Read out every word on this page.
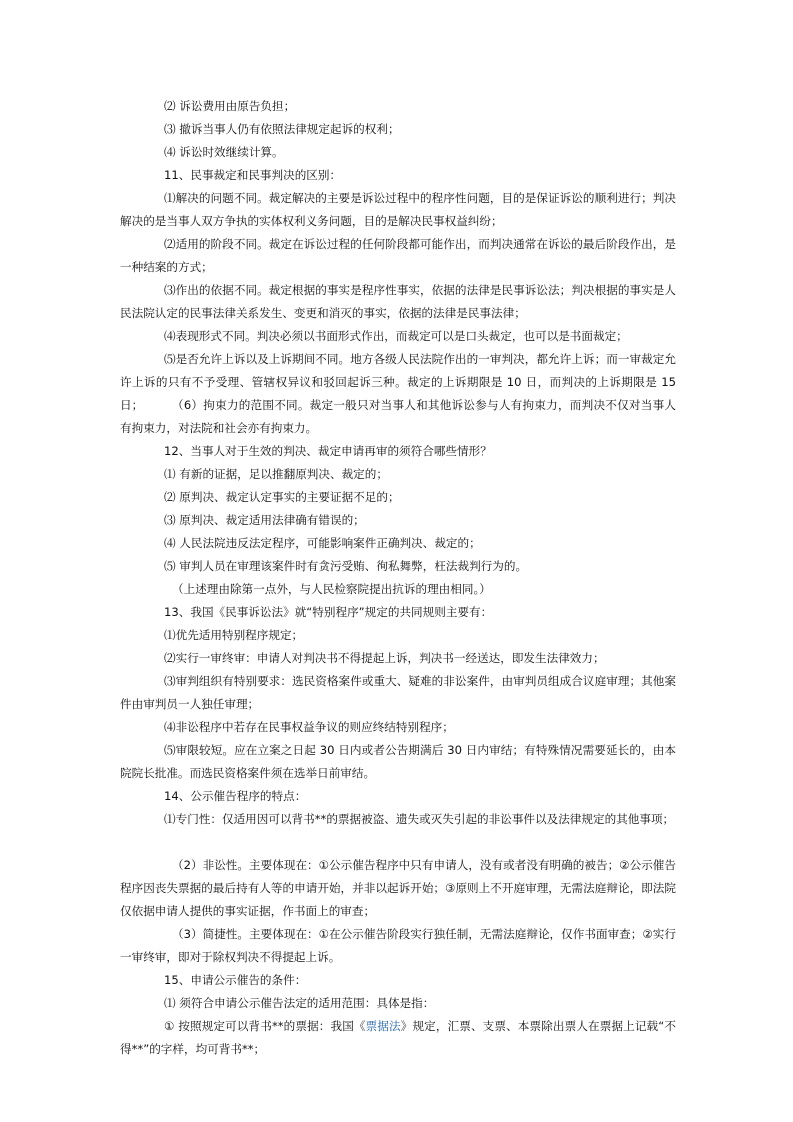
⑵ 诉讼费用由原告负担；

⑶ 撤诉当事人仍有依照法律规定起诉的权利；

⑷ 诉讼时效继续计算。

11、民事裁定和民事判决的区别：

⑴解决的问题不同。裁定解决的主要是诉讼过程中的程序性问题，目的是保证诉讼的顺利进行；判决解决的是当事人双方争执的实体权利义务问题，目的是解决民事权益纠纷；

⑵适用的阶段不同。裁定在诉讼过程的任何阶段都可能作出，而判决通常在诉讼的最后阶段作出，是一种结案的方式；

⑶作出的依据不同。裁定根据的事实是程序性事实，依据的法律是民事诉讼法；判决根据的事实是人民法院认定的民事法律关系发生、变更和消灭的事实，依据的法律是民事法律；

⑷表现形式不同。判决必须以书面形式作出，而裁定可以是口头裁定，也可以是书面裁定；

⑸是否允许上诉以及上诉期间不同。地方各级人民法院作出的一审判决，都允许上诉；而一审裁定允许上诉的只有不予受理、管辖权异议和驳回起诉三种。裁定的上诉期限是 10 日，而判决的上诉期限是 15 日；	（6）拘束力的范围不同。裁定一般只对当事人和其他诉讼参与人有拘束力，而判决不仅对当事人有拘束力，对法院和社会亦有拘束力。

12、当事人对于生效的判决、裁定申请再审的须符合哪些情形？

⑴ 有新的证据，足以推翻原判决、裁定的；

⑵ 原判决、裁定认定事实的主要证据不足的；

⑶ 原判决、裁定适用法律确有错误的；

⑷ 人民法院违反法定程序，可能影响案件正确判决、裁定的；

⑸ 审判人员在审理该案件时有贪污受贿、徇私舞弊，枉法裁判行为的。

（上述理由除第一点外，与人民检察院提出抗诉的理由相同。）

13、我国《民事诉讼法》就“特别程序”规定的共同规则主要有：

⑴优先适用特别程序规定；

⑵实行一审终审：申请人对判决书不得提起上诉，判决书一经送达，即发生法律效力；

⑶审判组织有特别要求：选民资格案件或重大、疑难的非讼案件，由审判员组成合议庭审理；其他案件由审判员一人独任审理；

⑷非讼程序中若存在民事权益争议的则应终结特别程序；

⑸审限较短。应在立案之日起 30 日内或者公告期满后 30 日内审结；有特殊情况需要延长的，由本院院长批准。而选民资格案件须在选举日前审结。

14、公示催告程序的特点：

⑴专门性：仅适用因可以背书**的票据被盗、遗失或灭失引起的非讼事件以及法律规定的其他事项；

（2）非讼性。主要体现在：①公示催告程序中只有申请人，没有或者没有明确的被告；②公示催告程序因丧失票据的最后持有人等的申请开始，并非以起诉开始；③原则上不开庭审理，无需法庭辩论，即法院仅依据申请人提供的事实证据，作书面上的审查；

（3）简捷性。主要体现在：①在公示催告阶段实行独任制，无需法庭辩论，仅作书面审查；②实行一审终审，即对于除权判决不得提起上诉。

15、申请公示催告的条件：

⑴ 须符合申请公示催告法定的适用范围：具体是指：

① 按照规定可以背书**的票据：我国《票据法》规定，汇票、支票、本票除出票人在票据上记载“不得**”的字样，均可背书**；
